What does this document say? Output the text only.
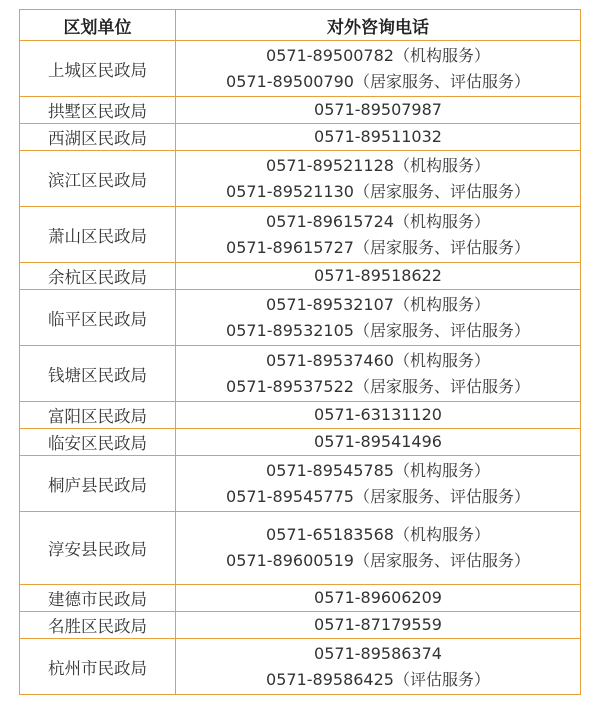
区划单位	对外咨询电话
上城区民政局	0571-89500782（机构服务）
0571-89500790（居家服务、评估服务）

拱墅区民政局	0571-89507987

西湖区民政局	0571-89511032

滨江区民政局	0571-89521128（机构服务）
0571-89521130（居家服务、评估服务）

萧山区民政局	0571-89615724（机构服务）
0571-89615727（居家服务、评估服务）

余杭区民政局	0571-89518622

临平区民政局	0571-89532107（机构服务）
0571-89532105（居家服务、评估服务）

钱塘区民政局	0571-89537460（机构服务）
0571-89537522（居家服务、评估服务）

富阳区民政局	0571-63131120

临安区民政局	0571-89541496

桐庐县民政局	0571-89545785（机构服务）
0571-89545775（居家服务、评估服务）

淳安县民政局	0571-65183568（机构服务）
0571-89600519（居家服务、评估服务）

建德市民政局	0571-89606209

名胜区民政局	0571-87179559

杭州市民政局	0571-89586374
0571-89586425（评估服务）
